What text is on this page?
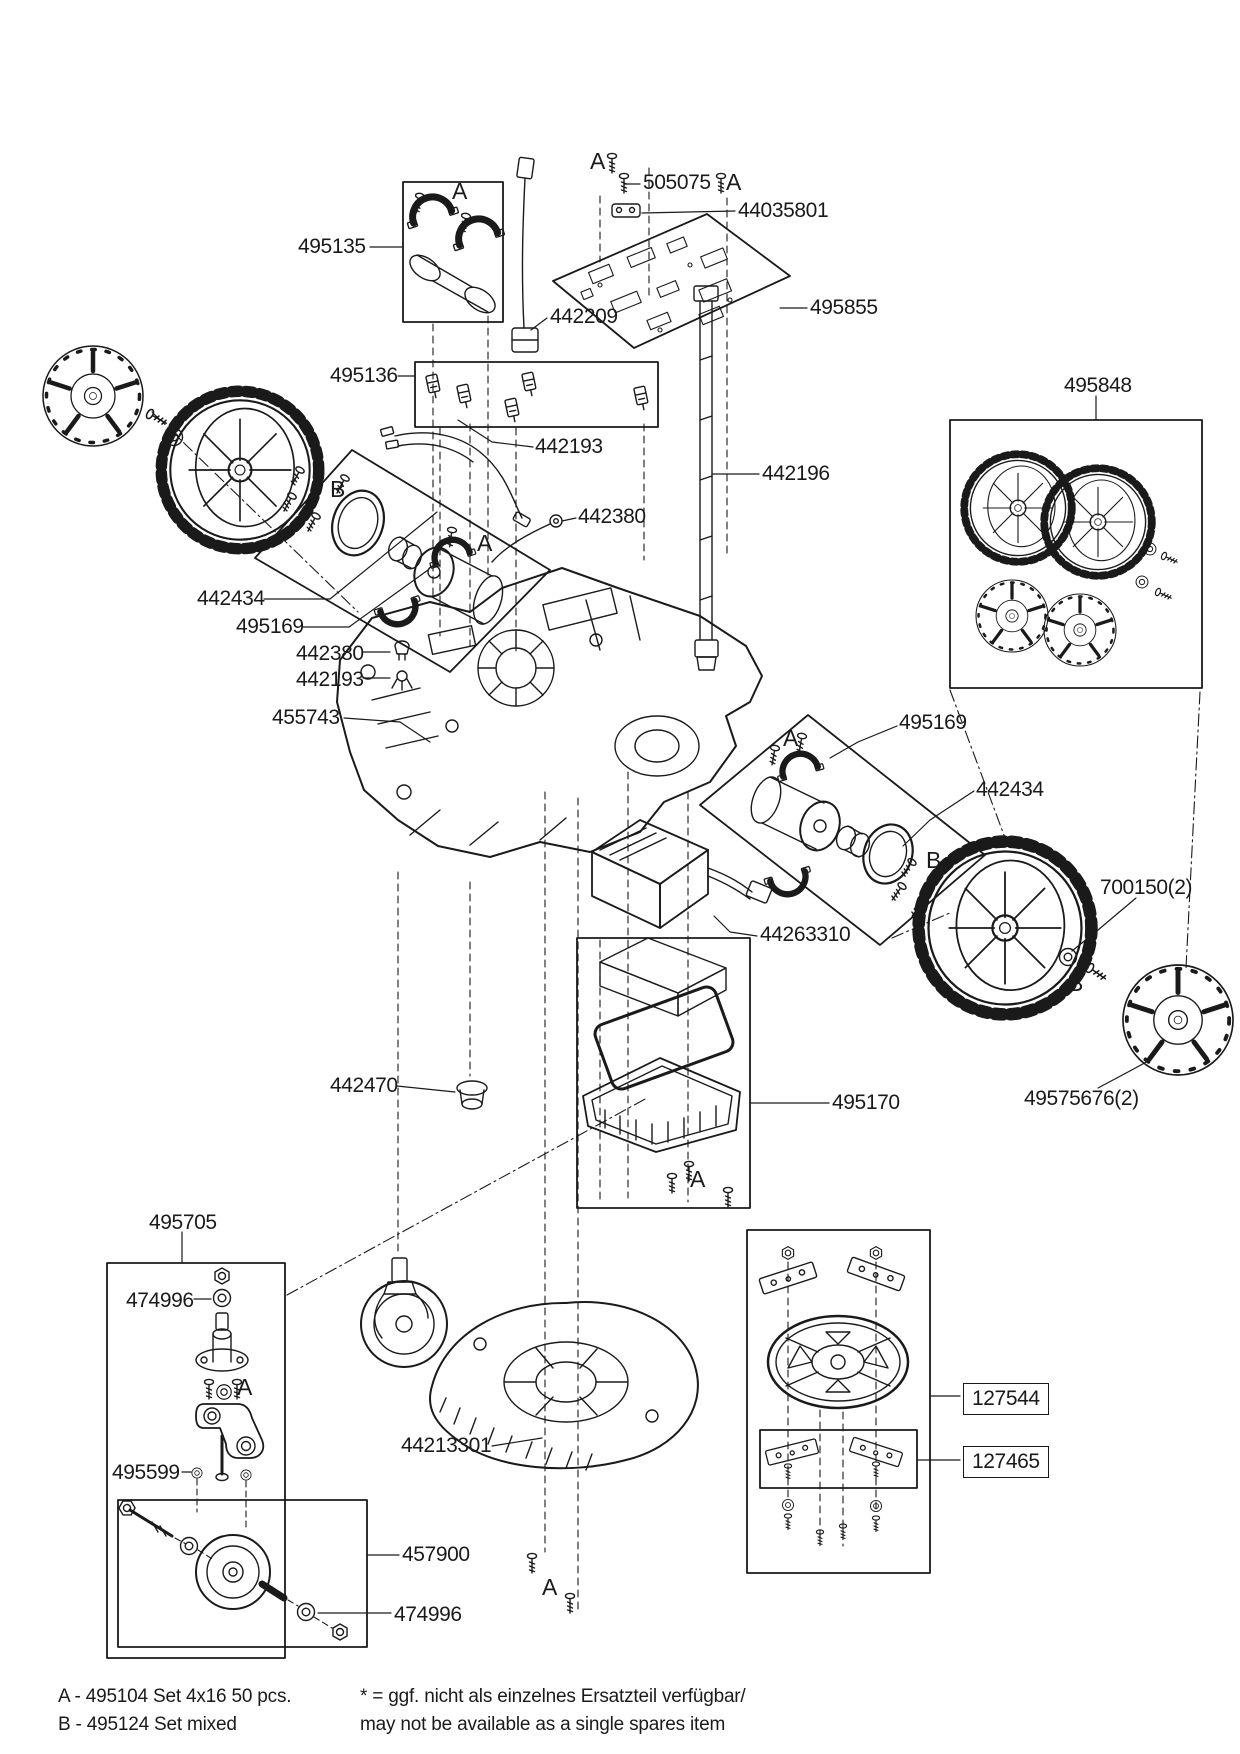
505075
44035801
495135
442209	495855
495136
442193
442196
495848
442380
442434
495169
442380
442193
455743	495169
442434
700150(2)
44263310
49575676(2)
495170
442470
495705
474996
495599
44213301
457900
474996
127544
127465
A
A
A
B
A
A
B
B
A
A
A
A - 495104 Set 4x16 50 pcs.
B - 495124 Set mixed
* = ggf. nicht als einzelnes Ersatzteil verfügbar/
may not be available as a single spares item
